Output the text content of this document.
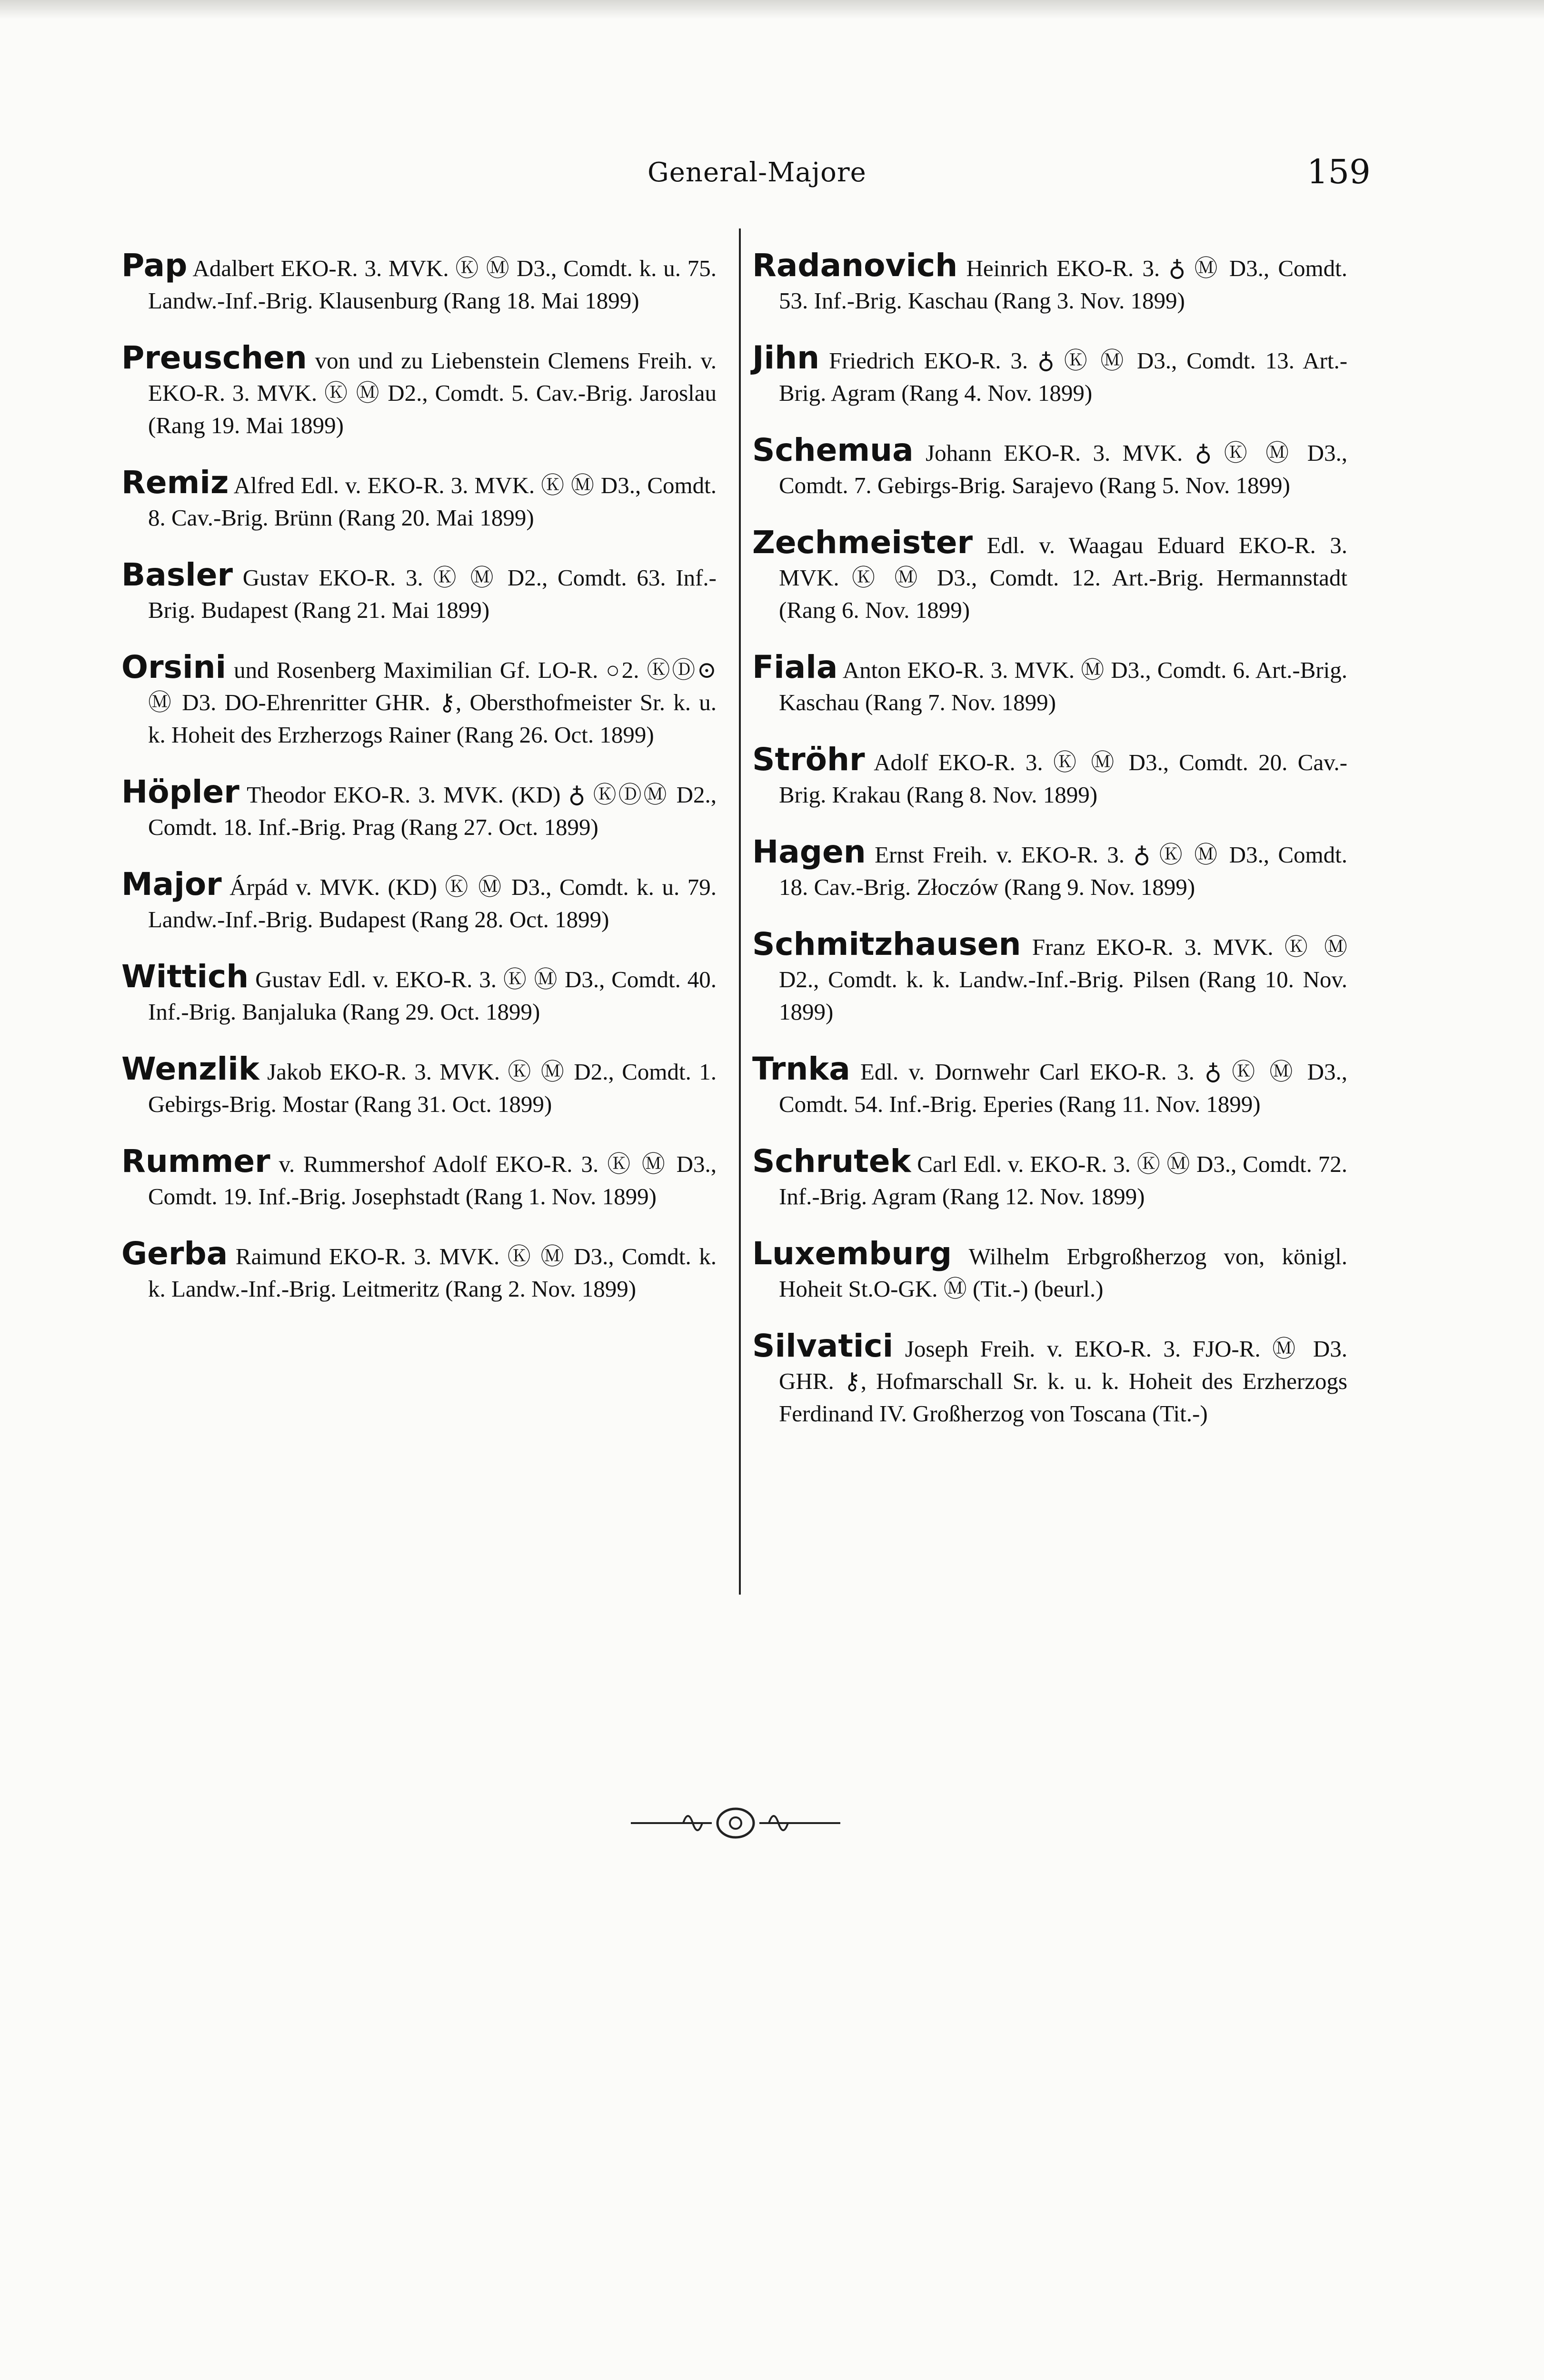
General-Majore	159

Pap Adalbert EKO-R. 3. MVK. Ⓚ Ⓜ D3., Comdt. k. u. 75. Landw.-Inf.-Brig. Klausenburg (Rang 18. Mai 1899)

Preuschen von und zu Liebenstein Clemens Freih. v. EKO-R. 3. MVK. Ⓚ Ⓜ D2., Comdt. 5. Cav.-Brig. Jaroslau (Rang 19. Mai 1899)

Remiz Alfred Edl. v. EKO-R. 3. MVK. Ⓚ Ⓜ D3., Comdt. 8. Cav.-Brig. Brünn (Rang 20. Mai 1899)

Basler Gustav EKO-R. 3. Ⓚ Ⓜ D2., Comdt. 63. Inf.-Brig. Budapest (Rang 21. Mai 1899)

Orsini und Rosenberg Maximilian Gf. LO-R. ○2. ⓀⒹ⊙ Ⓜ D3. DO-Ehrenritter GHR. ⚷, Obersthofmeister Sr. k. u. k. Hoheit des Erzherzogs Rainer (Rang 26. Oct. 1899)

Höpler Theodor EKO-R. 3. MVK. (KD) ♁ ⓀⒹⓂ D2., Comdt. 18. Inf.-Brig. Prag (Rang 27. Oct. 1899)

Major Árpád v. MVK. (KD) Ⓚ Ⓜ D3., Comdt. k. u. 79. Landw.-Inf.-Brig. Budapest (Rang 28. Oct. 1899)

Wittich Gustav Edl. v. EKO-R. 3. Ⓚ Ⓜ D3., Comdt. 40. Inf.-Brig. Banjaluka (Rang 29. Oct. 1899)

Wenzlik Jakob EKO-R. 3. MVK. Ⓚ Ⓜ D2., Comdt. 1. Gebirgs-Brig. Mostar (Rang 31. Oct. 1899)

Rummer v. Rummershof Adolf EKO-R. 3. Ⓚ Ⓜ D3., Comdt. 19. Inf.-Brig. Josephstadt (Rang 1. Nov. 1899)

Gerba Raimund EKO-R. 3. MVK. Ⓚ Ⓜ D3., Comdt. k. k. Landw.-Inf.-Brig. Leitmeritz (Rang 2. Nov. 1899)

Radanovich Heinrich EKO-R. 3. ♁ Ⓜ D3., Comdt. 53. Inf.-Brig. Kaschau (Rang 3. Nov. 1899)

Jihn Friedrich EKO-R. 3. ♁ Ⓚ Ⓜ D3., Comdt. 13. Art.-Brig. Agram (Rang 4. Nov. 1899)

Schemua Johann EKO-R. 3. MVK. ♁ Ⓚ Ⓜ D3., Comdt. 7. Gebirgs-Brig. Sarajevo (Rang 5. Nov. 1899)

Zechmeister Edl. v. Waagau Eduard EKO-R. 3. MVK. Ⓚ Ⓜ D3., Comdt. 12. Art.-Brig. Hermannstadt (Rang 6. Nov. 1899)

Fiala Anton EKO-R. 3. MVK. Ⓜ D3., Comdt. 6. Art.-Brig. Kaschau (Rang 7. Nov. 1899)

Ströhr Adolf EKO-R. 3. Ⓚ Ⓜ D3., Comdt. 20. Cav.-Brig. Krakau (Rang 8. Nov. 1899)

Hagen Ernst Freih. v. EKO-R. 3. ♁ Ⓚ Ⓜ D3., Comdt. 18. Cav.-Brig. Złoczów (Rang 9. Nov. 1899)

Schmitzhausen Franz EKO-R. 3. MVK. Ⓚ Ⓜ D2., Comdt. k. k. Landw.-Inf.-Brig. Pilsen (Rang 10. Nov. 1899)

Trnka Edl. v. Dornwehr Carl EKO-R. 3. ♁ Ⓚ Ⓜ D3., Comdt. 54. Inf.-Brig. Eperies (Rang 11. Nov. 1899)

Schrutek Carl Edl. v. EKO-R. 3. Ⓚ Ⓜ D3., Comdt. 72. Inf.-Brig. Agram (Rang 12. Nov. 1899)

Luxemburg Wilhelm Erbgroßherzog von, königl. Hoheit St.O-GK. Ⓜ (Tit.-) (beurl.)

Silvatici Joseph Freih. v. EKO-R. 3. FJO-R. Ⓜ D3. GHR. ⚷, Hofmarschall Sr. k. u. k. Hoheit des Erzherzogs Ferdinand IV. Großherzog von Toscana (Tit.-)
